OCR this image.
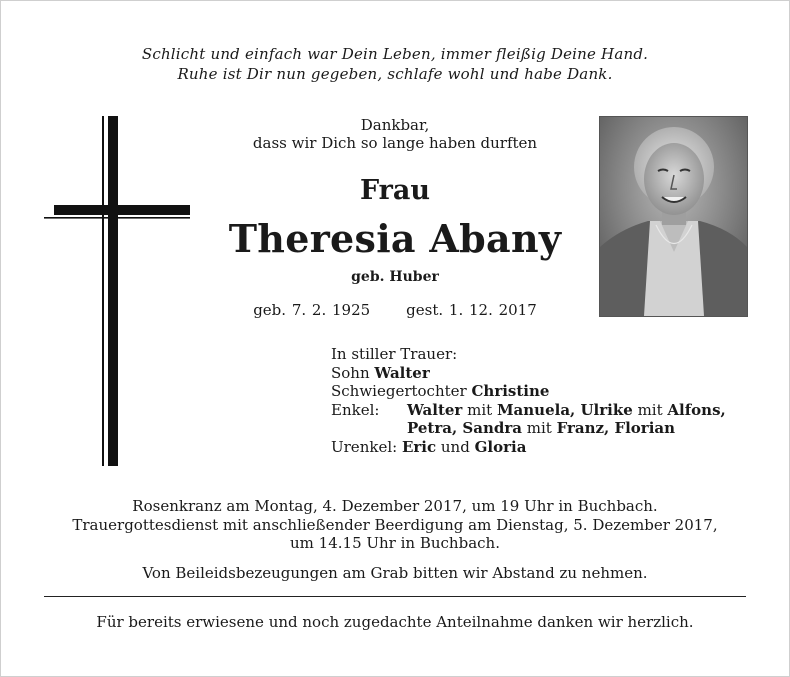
Schlicht und einfach war Dein Leben, immer fleißig Deine Hand.
Ruhe ist Dir nun gegeben, schlafe wohl und habe Dank.
Dankbar,
dass wir Dich so lange haben durften
Frau
Theresia Abany
geb. Huber
geb. 7. 2. 1925 gest. 1. 12. 2017
In stiller Trauer:
Sohn Walter
Schwiegertochter Christine
Enkel:	Walter mit Manuela, Ulrike mit Alfons,
Petra, Sandra mit Franz, Florian
Urenkel: Eric und Gloria
Rosenkranz am Montag, 4. Dezember 2017, um 19 Uhr in Buchbach.
Trauergottesdienst mit anschließender Beerdigung am Dienstag, 5. Dezember 2017,
um 14.15 Uhr in Buchbach.
Von Beileidsbezeugungen am Grab bitten wir Abstand zu nehmen.
Für bereits erwiesene und noch zugedachte Anteilnahme danken wir herzlich.
